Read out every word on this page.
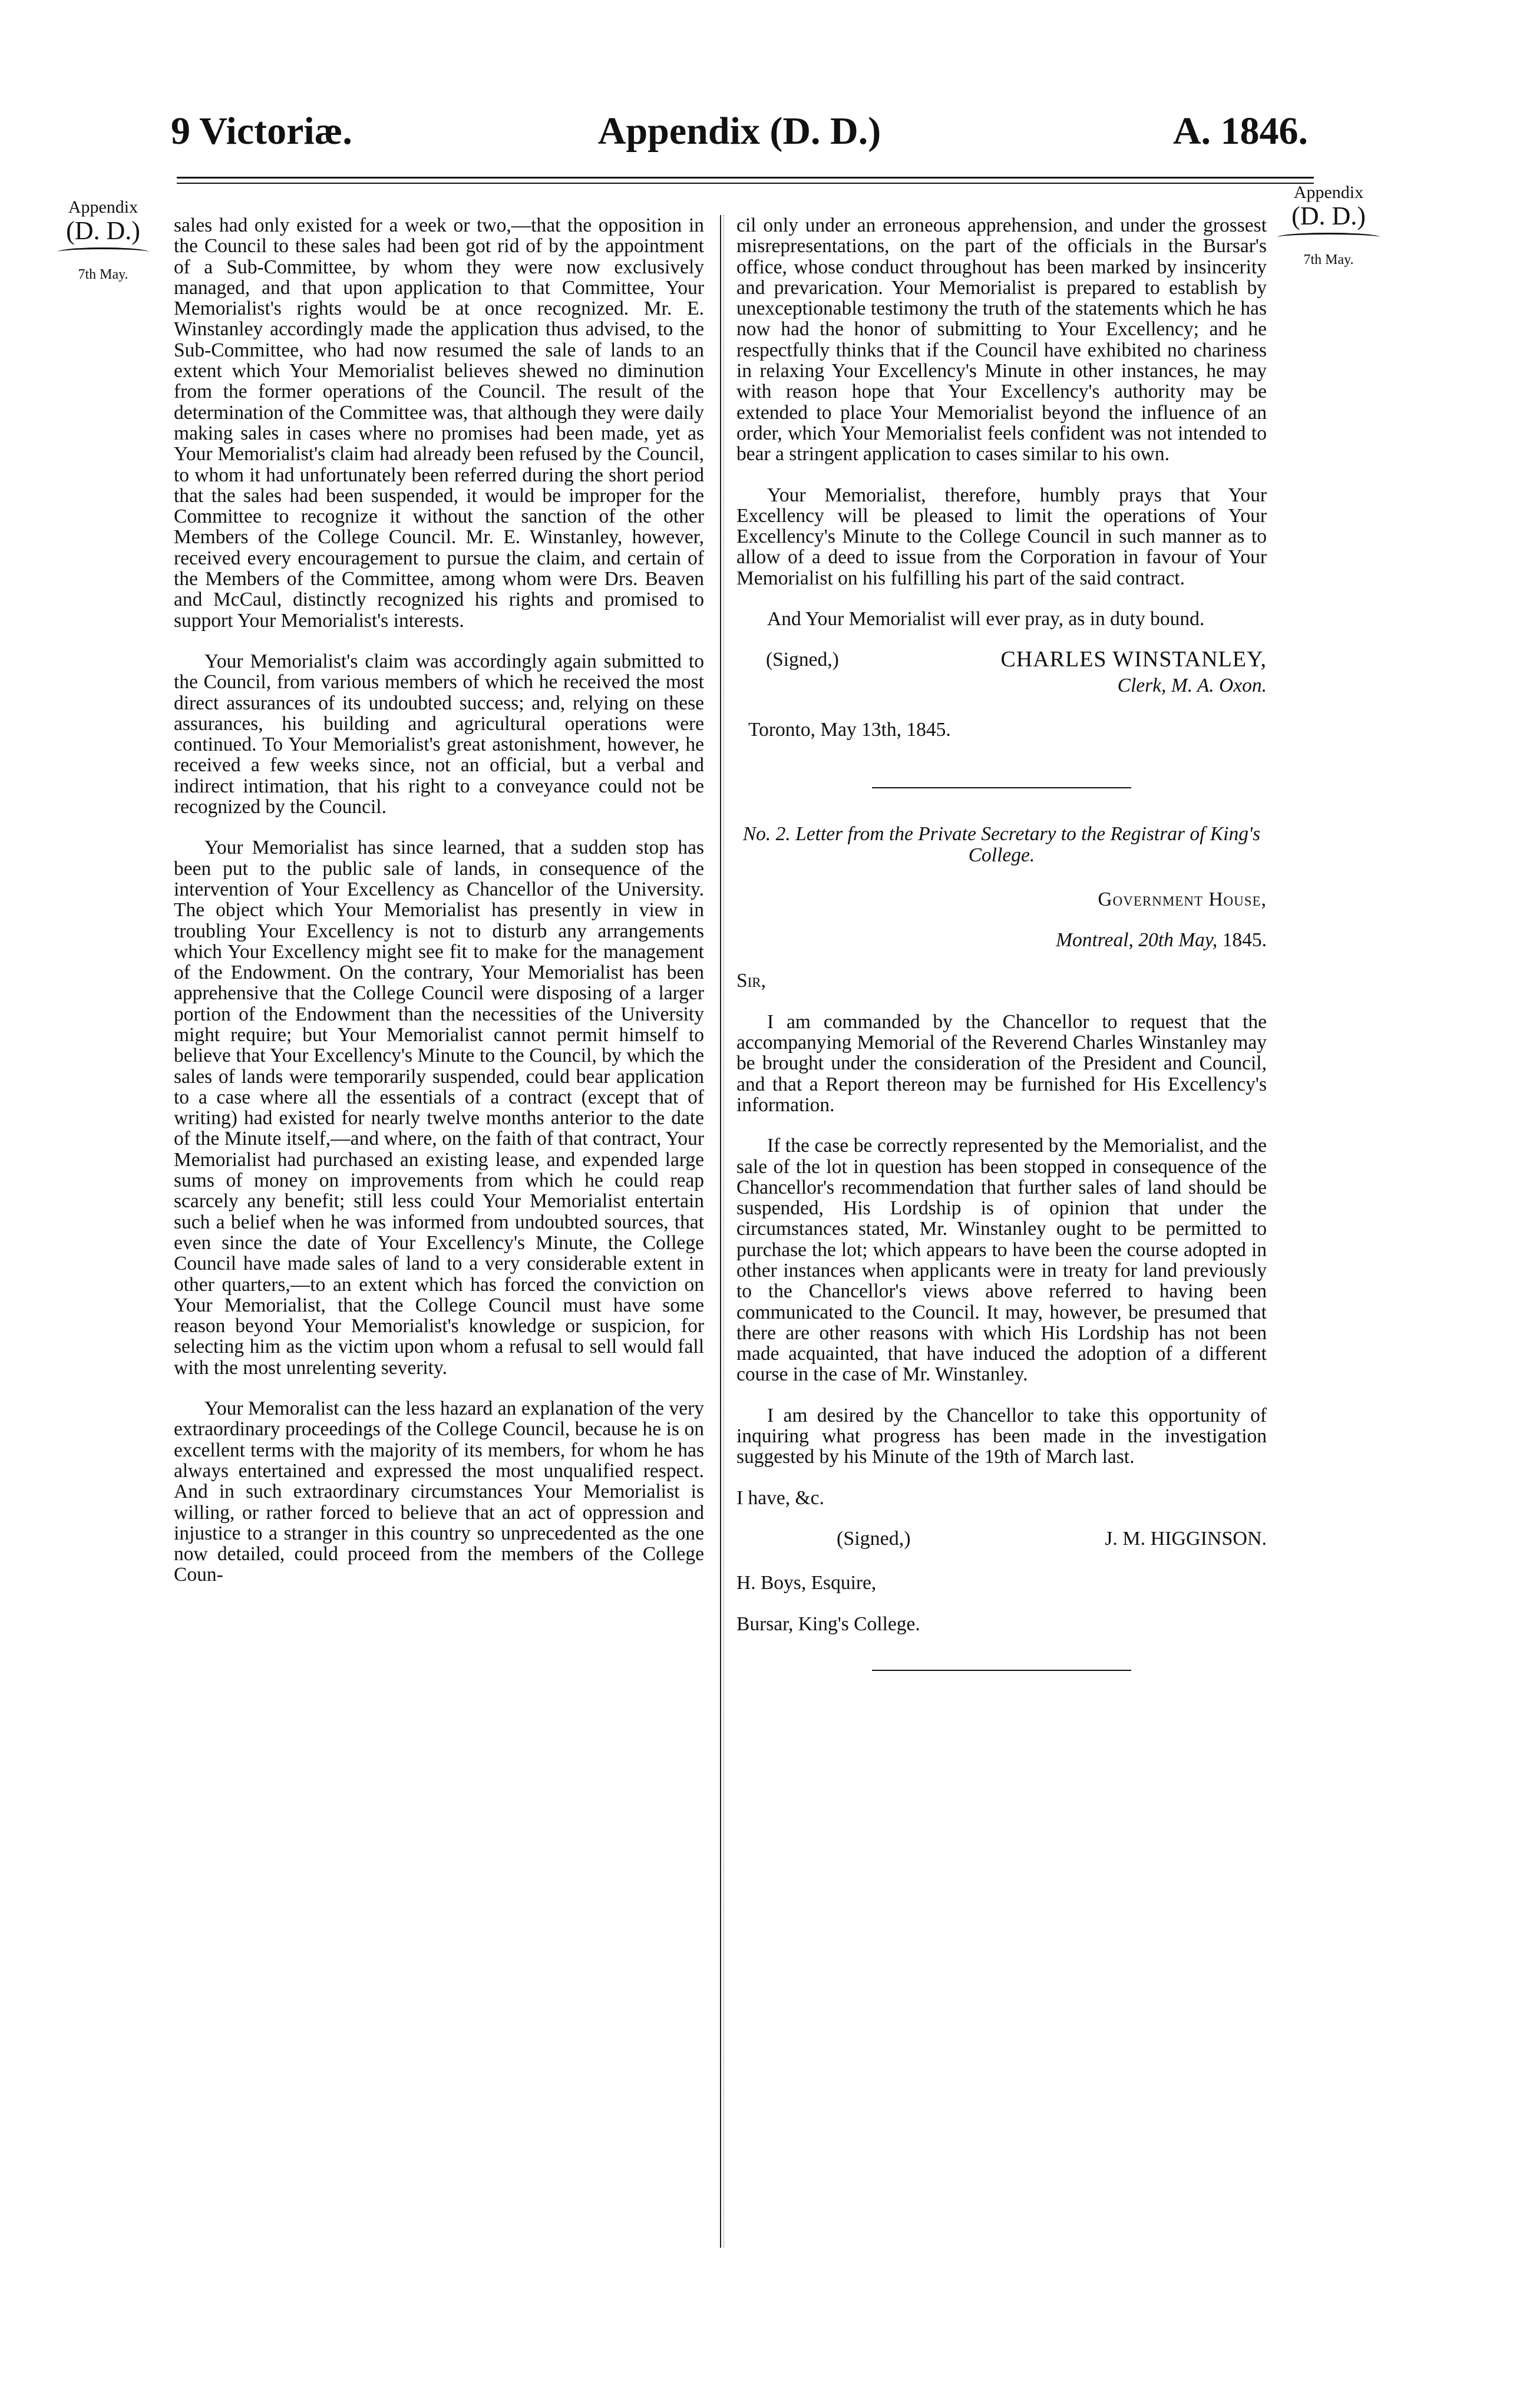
9 Victoriæ.	Appendix (D. D.)	A. 1846.
Appendix
(D. D.)
7th May.
Appendix
(D. D.)
7th May.

sales had only existed for a week or two,—that the opposition in the Council to these sales had been got rid of by the appointment of a Sub-Committee, by whom they were now exclusively managed, and that upon application to that Committee, Your Memorialist's rights would be at once recognized. Mr. E. Winstanley accordingly made the application thus advised, to the Sub-Committee, who had now resumed the sale of lands to an extent which Your Memorialist believes shewed no diminution from the former operations of the Council. The result of the determination of the Committee was, that although they were daily making sales in cases where no promises had been made, yet as Your Memorialist's claim had already been refused by the Council, to whom it had unfortunately been referred during the short period that the sales had been suspended, it would be improper for the Committee to recognize it without the sanction of the other Members of the College Council. Mr. E. Winstanley, however, received every encouragement to pursue the claim, and certain of the Members of the Committee, among whom were Drs. Beaven and McCaul, distinctly recognized his rights and promised to support Your Memorialist's interests.

Your Memorialist's claim was accordingly again submitted to the Council, from various members of which he received the most direct assurances of its undoubted success; and, relying on these assurances, his building and agricultural operations were continued. To Your Memorialist's great astonishment, however, he received a few weeks since, not an official, but a verbal and indirect intimation, that his right to a conveyance could not be recognized by the Council.

Your Memorialist has since learned, that a sudden stop has been put to the public sale of lands, in consequence of the intervention of Your Excellency as Chancellor of the University. The object which Your Memorialist has presently in view in troubling Your Excellency is not to disturb any arrangements which Your Excellency might see fit to make for the management of the Endowment. On the contrary, Your Memorialist has been apprehensive that the College Council were disposing of a larger portion of the Endowment than the necessities of the University might require; but Your Memorialist cannot permit himself to believe that Your Excellency's Minute to the Council, by which the sales of lands were temporarily suspended, could bear application to a case where all the essentials of a contract (except that of writing) had existed for nearly twelve months anterior to the date of the Minute itself,—and where, on the faith of that contract, Your Memorialist had purchased an existing lease, and expended large sums of money on improvements from which he could reap scarcely any benefit; still less could Your Memorialist entertain such a belief when he was informed from undoubted sources, that even since the date of Your Excellency's Minute, the College Council have made sales of land to a very considerable extent in other quarters,—to an extent which has forced the conviction on Your Memorialist, that the College Council must have some reason beyond Your Memorialist's knowledge or suspicion, for selecting him as the victim upon whom a refusal to sell would fall with the most unrelenting severity.

Your Memoralist can the less hazard an explanation of the very extraordinary proceedings of the College Council, because he is on excellent terms with the majority of its members, for whom he has always entertained and expressed the most unqualified respect. And in such extraordinary circumstances Your Memorialist is willing, or rather forced to believe that an act of oppression and injustice to a stranger in this country so unprecedented as the one now detailed, could proceed from the members of the College Coun-

cil only under an erroneous apprehension, and under the grossest misrepresentations, on the part of the officials in the Bursar's office, whose conduct throughout has been marked by insincerity and prevarication. Your Memorialist is prepared to establish by unexceptionable testimony the truth of the statements which he has now had the honor of submitting to Your Excellency; and he respectfully thinks that if the Council have exhibited no chariness in relaxing Your Excellency's Minute in other instances, he may with reason hope that Your Excellency's authority may be extended to place Your Memorialist beyond the influence of an order, which Your Memorialist feels confident was not intended to bear a stringent application to cases similar to his own.

Your Memorialist, therefore, humbly prays that Your Excellency will be pleased to limit the operations of Your Excellency's Minute to the College Council in such manner as to allow of a deed to issue from the Corporation in favour of Your Memorialist on his fulfilling his part of the said contract.

And Your Memorialist will ever pray, as in duty bound.

(Signed,)	CHARLES WINSTANLEY,
Clerk, M. A. Oxon.
Toronto, May 13th, 1845.
No. 2. Letter from the Private Secretary to the Registrar of King's College.

Government House,

Montreal, 20th May, 1845.

Sir,

I am commanded by the Chancellor to request that the accompanying Memorial of the Reverend Charles Winstanley may be brought under the consideration of the President and Council, and that a Report thereon may be furnished for His Excellency's information.

If the case be correctly represented by the Memorialist, and the sale of the lot in question has been stopped in consequence of the Chancellor's recommendation that further sales of land should be suspended, His Lordship is of opinion that under the circumstances stated, Mr. Winstanley ought to be permitted to purchase the lot; which appears to have been the course adopted in other instances when applicants were in treaty for land previously to the Chancellor's views above referred to having been communicated to the Council. It may, however, be presumed that there are other reasons with which His Lordship has not been made acquainted, that have induced the adoption of a different course in the case of Mr. Winstanley.

I am desired by the Chancellor to take this opportunity of inquiring what progress has been made in the investigation suggested by his Minute of the 19th of March last.

I have, &c.

(Signed,)	J. M. HIGGINSON.

H. Boys, Esquire,

Bursar, King's College.
